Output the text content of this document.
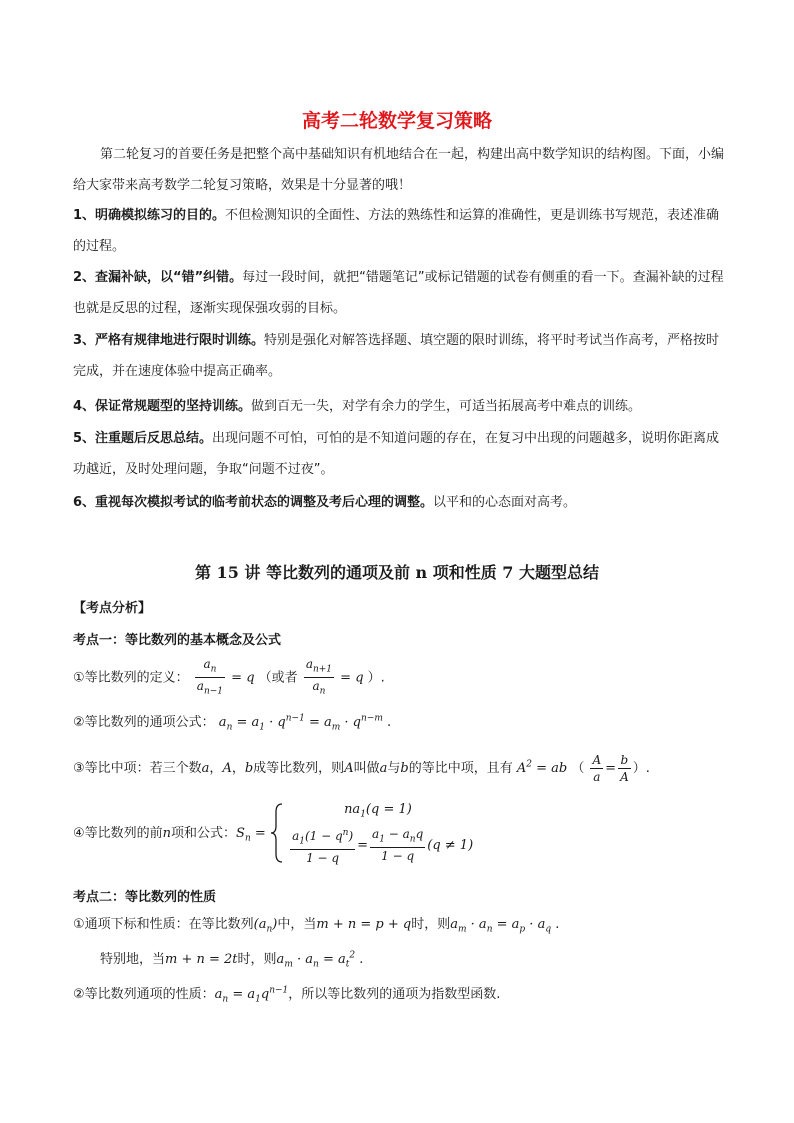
高考二轮数学复习策略
第二轮复习的首要任务是把整个高中基础知识有机地结合在一起，构建出高中数学知识的结构图。下面，小编给大家带来高考数学二轮复习策略，效果是十分显著的哦！
1、明确模拟练习的目的。不但检测知识的全面性、方法的熟练性和运算的准确性，更是训练书写规范，表述准确的过程。
2、查漏补缺，以“错”纠错。每过一段时间，就把“错题笔记”或标记错题的试卷有侧重的看一下。查漏补缺的过程也就是反思的过程，逐渐实现保强攻弱的目标。
3、严格有规律地进行限时训练。特别是强化对解答选择题、填空题的限时训练，将平时考试当作高考，严格按时完成，并在速度体验中提高正确率。
4、保证常规题型的坚持训练。做到百无一失，对学有余力的学生，可适当拓展高考中难点的训练。
5、注重题后反思总结。出现问题不可怕，可怕的是不知道问题的存在，在复习中出现的问题越多，说明你距离成功越近，及时处理问题，争取“问题不过夜”。
6、重视每次模拟考试的临考前状态的调整及考后心理的调整。以平和的心态面对高考。
第 15 讲 等比数列的通项及前 n 项和性质 7 大题型总结
【考点分析】
考点一：等比数列的基本概念及公式
①等比数列的定义： $\frac{a_n}{a_{n-1}} = q$ （或者 $\frac{a_{n+1}}{a_n} = q$ ）.
②等比数列的通项公式： $a_n = a_1 \cdot q^{n-1} = a_m \cdot q^{n-m}$ .
③等比中项：若三个数a，A，b成等比数列，则A叫做a与b的等比中项，且有 $A^2$ = ab （ $\frac{A}{a} = \frac{b}{A}$ ）.
④等比数列的前n项和公式：$S_n$ =
$na_1(q = 1)$
$\frac{a_1(1 - q^n)}{1 - q} = \frac{a_1 - a_nq}{1 - q} (q \ne 1)$
考点二：等比数列的性质
①通项下标和性质：在等比数列$(a_n)$中，当m + n = p + q时，则$a_m \cdot a_n = a_p \cdot a_q$ .
特别地，当m + n = 2t时，则$a_m \cdot a_n = a_t^2$ .
②等比数列通项的性质：$a_n = a_1q^{n-1}$，所以等比数列的通项为指数型函数.
